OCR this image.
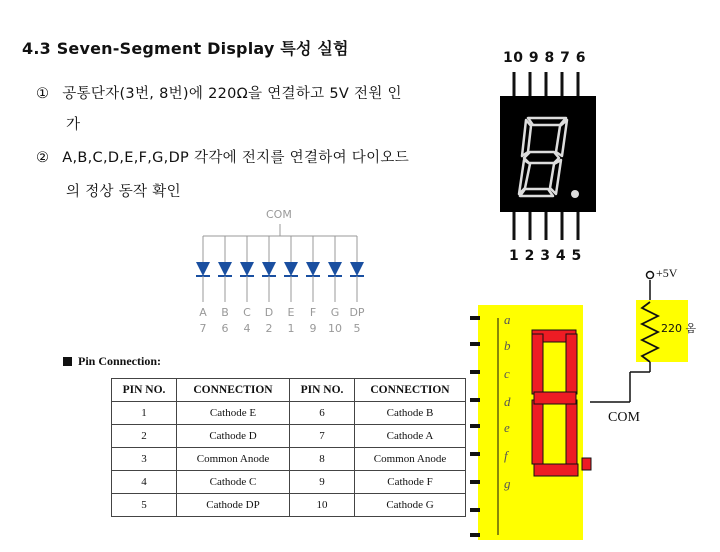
4.3 Seven-Segment Display 특성 실험
① 공통단자(3번, 8번)에 220Ω을 연결하고 5V 전원 인
가
② A,B,C,D,E,F,G,DP 각각에 전지를 연결하여 다이오드
의 정상 동작 확인
10 9 8 7 6
1 2 3 4 5
COM
A	B	C	D	E	F	G DP
7	6	4	2	1	9	10	5
Pin Connection:
PIN NO.	CONNECTION	PIN NO.	CONNECTION
1	Cathode E	6	Cathode B
2	Cathode D	7	Cathode A
3	Common Anode	8	Common Anode
4	Cathode C	9	Cathode F
5	Cathode DP	10	Cathode G
+5V
220 옴
COM
a
b
c
d
e
f
g
